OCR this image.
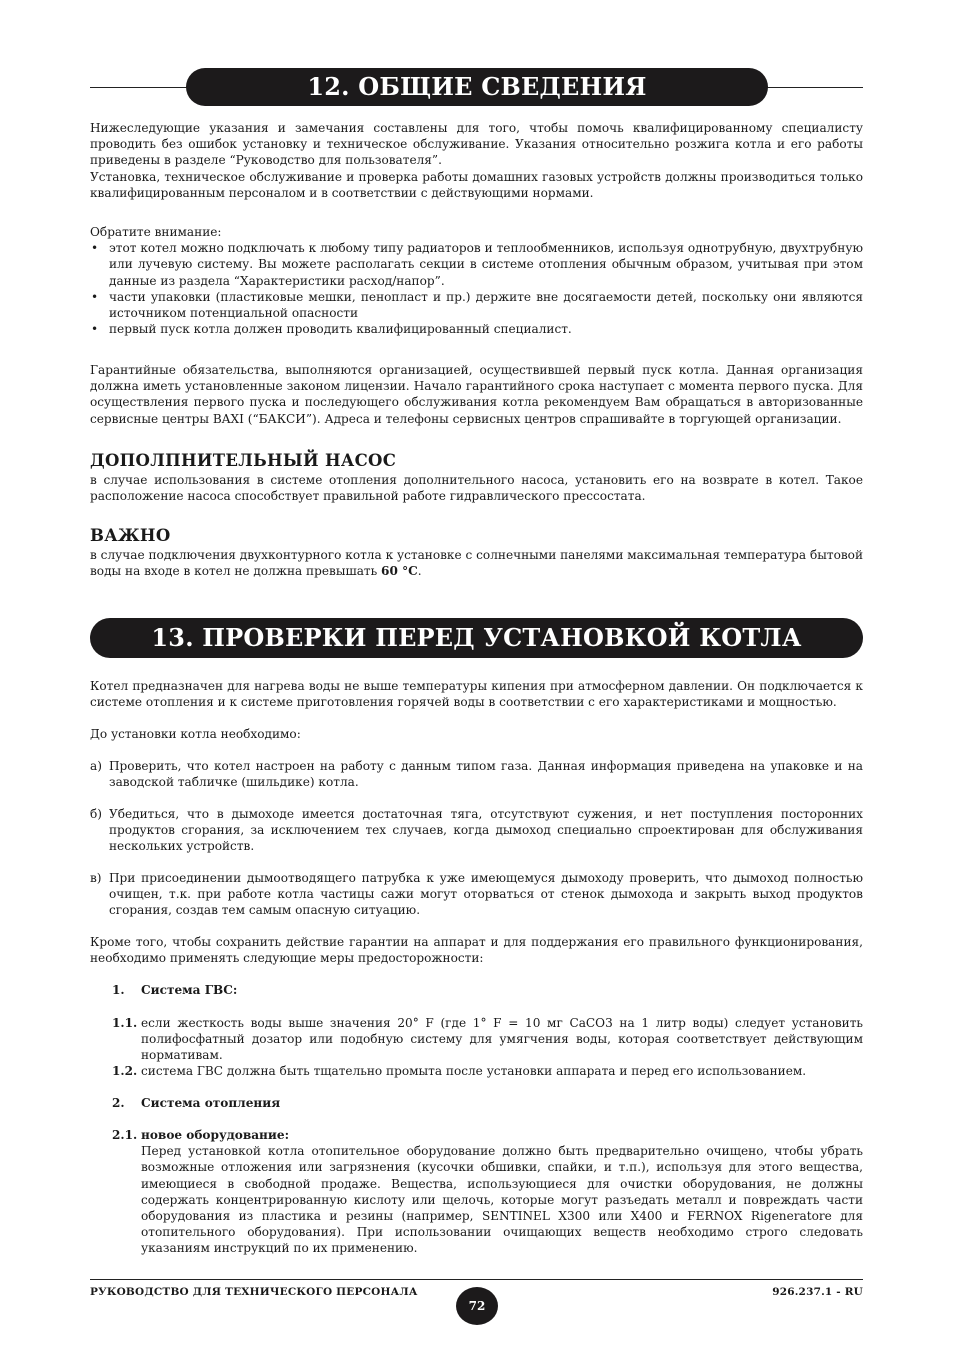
12. ОБЩИЕ СВЕДЕНИЯ

Нижеследующие указания и замечания составлены для того, чтобы помочь квалифицированному специалисту проводить без ошибок установку и техническое обслуживание. Указания относительно розжига котла и его работы приведены в разделе “Руководство для пользователя”.

Установка, техническое обслуживание и проверка работы домашних газовых устройств должны производиться только квалифицированным персоналом и в соответствии с действующими нормами.

Обратите внимание:

• этот котел можно подключать к любому типу радиаторов и теплообменников, используя однотрубную, двухтрубную или лучевую систему. Вы можете располагать секции в системе отопления обычным образом, учитывая при этом данные из раздела “Характеристики расход/напор”.
• части упаковки (пластиковые мешки, пенопласт и пр.) держите вне досягаемости детей, поскольку они являются источником потенциальной опасности
• первый пуск котла должен проводить квалифицированный специалист.

Гарантийные обязательства, выполняются организацией, осуществившей первый пуск котла. Данная организация должна иметь установленные законом лицензии. Начало гарантийного срока наступает с момента первого пуска. Для осуществления первого пуска и последующего обслуживания котла рекомендуем Вам обращаться в авторизованные сервисные центры BAXI (“БАКСИ”). Адреса и телефоны сервисных центров спрашивайте в торгующей организации.

ДОПОЛПНИТЕЛЬНЫЙ НАСОС

в случае использования в системе отопления дополнительного насоса, установить его на возврате в котел. Такое расположение насоса способствует правильной работе гидравлического прессостата.

ВАЖНО

в случае подключения двухконтурного котла к установке с солнечными панелями максимальная температура бытовой воды на входе в котел не должна превышать 60 °C.

13. ПРОВЕРКИ ПЕРЕД УСТАНОВКОЙ КОТЛА

Котел предназначен для нагрева воды не выше температуры кипения при атмосферном давлении. Он подключается к системе отопления и к системе приготовления горячей воды в соответствии с его характеристиками и мощностью.

До установки котла необходимо:

а) Проверить, что котел настроен на работу с данным типом газа. Данная информация приведена на упаковке и на заводской табличке (шильдике) котла.

б) Убедиться, что в дымоходе имеется достаточная тяга, отсутствуют сужения, и нет поступления посторонних продуктов сгорания, за исключением тех случаев, когда дымоход специально спроектирован для обслуживания нескольких устройств.

в) При присоединении дымоотводящего патрубка к уже имеющемуся дымоходу проверить, что дымоход полностью очищен, т.к. при работе котла частицы сажи могут оторваться от стенок дымохода и закрыть выход продуктов сгорания, создав тем самым опасную ситуацию.

Кроме того, чтобы сохранить действие гарантии на аппарат и для поддержания его правильного функционирования, необходимо применять следующие меры предосторожности:

1. Система ГВС:

1.1. если жесткость воды выше значения 20° F (где 1° F = 10 мг CaCO3 на 1 литр воды) следует установить полифосфатный дозатор или подобную систему для умягчения воды, которая соответствует действующим нормативам.

1.2. система ГВС должна быть тщательно промыта после установки аппарата и перед его использованием.

2. Система отопления

2.1. новое оборудование:

Перед установкой котла отопительное оборудование должно быть предварительно очищено, чтобы убрать возможные отложения или загрязнения (кусочки обшивки, спайки, и т.п.), используя для этого вещества, имеющиеся в свободной продаже. Вещества, использующиеся для очистки оборудования, не должны содержать концентрированную кислоту или щелочь, которые могут разъедать металл и повреждать части оборудования из пластика и резины (например, SENTINEL X300 или X400 и FERNOX Rigeneratore для отопительного оборудования). При использовании очищающих веществ необходимо строго следовать указаниям инструкций по их применению.

РУКОВОДСТВО ДЛЯ ТЕХНИЧЕСКОГО ПЕРСОНАЛА
72
926.237.1 - RU
